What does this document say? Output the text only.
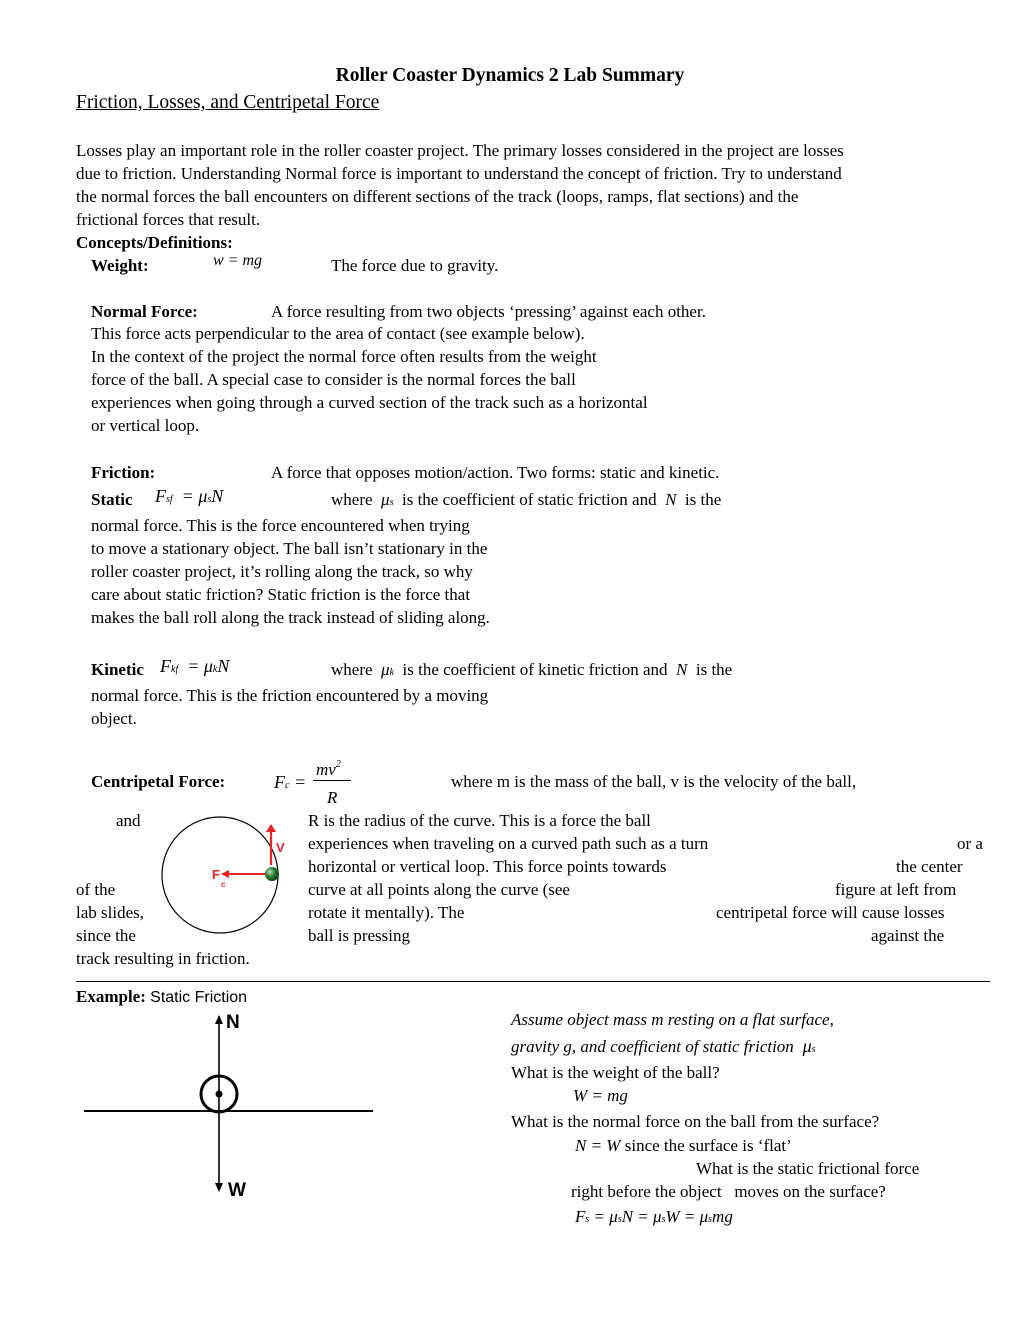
Roller Coaster Dynamics 2 Lab Summary
Friction, Losses, and Centripetal Force
Losses play an important role in the roller coaster project. The primary losses considered in the project are losses
due to friction. Understanding Normal force is important to understand the concept of friction. Try to understand
the normal forces the ball encounters on different sections of the track (loops, ramps, flat sections) and the
frictional forces that result.
Concepts/Definitions:
Weight:	w = mg	The force due to gravity.
Normal Force:	A force resulting from two objects ‘pressing’ against each other.
This force acts perpendicular to the area of contact (see example below).
In the context of the project the normal force often results from the weight
force of the ball. A special case to consider is the normal forces the ball
experiences when going through a curved section of the track such as a horizontal
or vertical loop.
Friction:	A force that opposes motion/action. Two forms: static and kinetic.
Static Fsf  = μsN	where  μs is the coefficient of static friction and  N  is the
normal force. This is the force encountered when trying
to move a stationary object. The ball isn’t stationary in the
roller coaster project, it’s rolling along the track, so why
care about static friction? Static friction is the force that
makes the ball roll along the track instead of sliding along.
Kinetic Fkf  = μkN	where  μk is the coefficient of kinetic friction and  N  is the
normal force. This is the friction encountered by a moving
object.
Centripetal Force:	Fc =
$mv^2$
R
where m is the mass of the ball, v is the velocity of the ball,
and	R is the radius of the curve. This is a force the ball
experiences when traveling on a curved path such as a turn	or a
horizontal or vertical loop. This force points towards	the center
of the	curve at all points along the curve (see	figure at left from
lab slides,	rotate it mentally). The	centripetal force will cause losses
since the	ball is pressing	against the
track resulting in friction.
V
F
c
Example: Static Friction
N
W
Assume object mass m resting on a flat surface,
gravity g, and coefficient of static friction  μs
What is the weight of the ball?
W = mg
What is the normal force on the ball from the surface?
N = W since the surface is ‘flat’
What is the static frictional force
right before the object   moves on the surface?
Fs = μsN = μsW = μsmg
